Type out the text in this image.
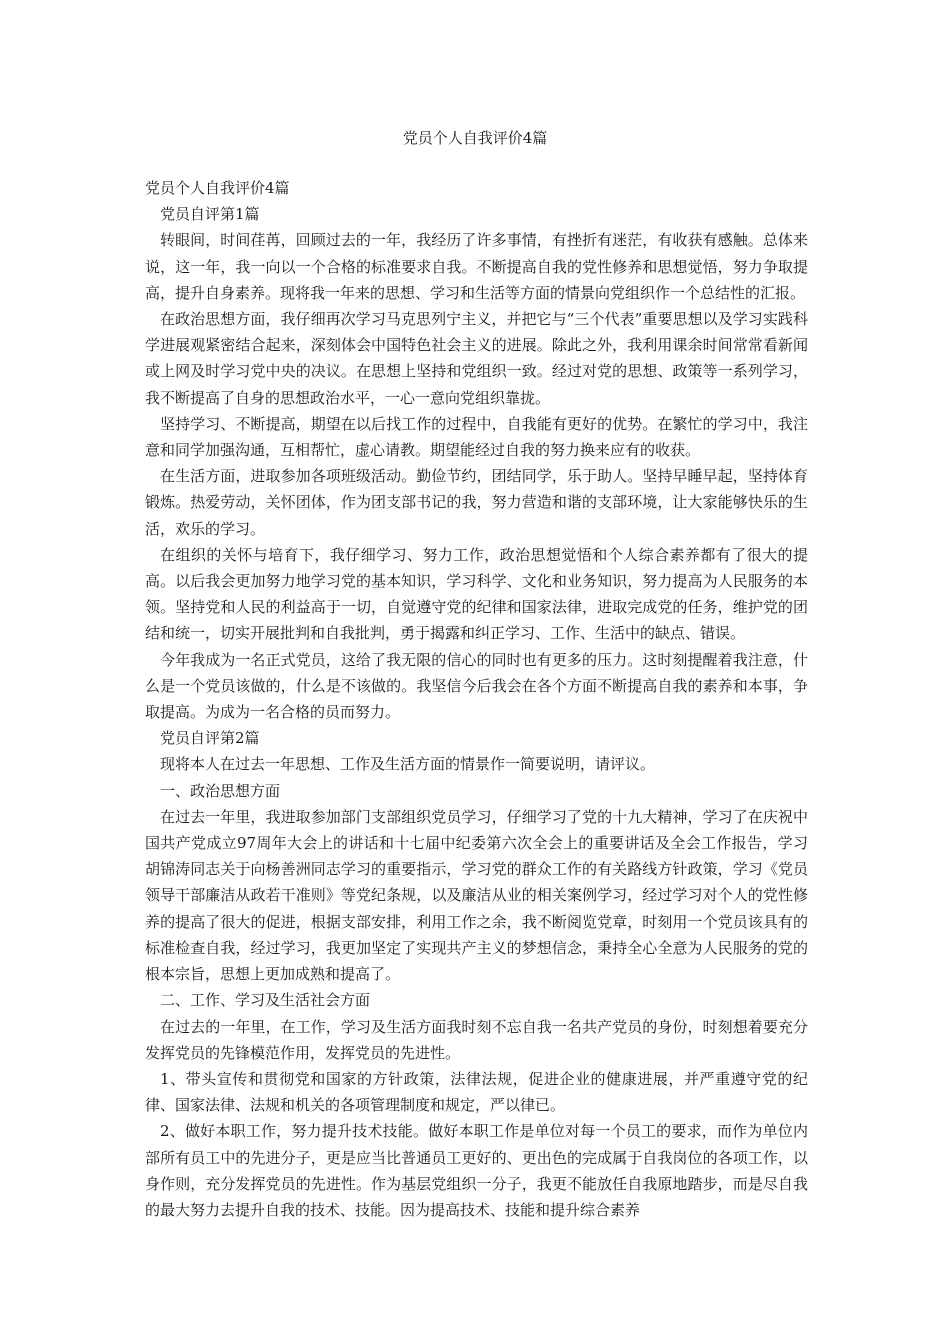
党员个人自我评价4篇

党员个人自我评价4篇

党员自评第1篇

转眼间，时间荏苒，回顾过去的一年，我经历了许多事情，有挫折有迷茫，有收获有感触。总体来说，这一年，我一向以一个合格的标准要求自我。不断提高自我的党性修养和思想觉悟，努力争取提高，提升自身素养。现将我一年来的思想、学习和生活等方面的情景向党组织作一个总结性的汇报。

在政治思想方面，我仔细再次学习马克思列宁主义，并把它与“三个代表”重要思想以及学习实践科学进展观紧密结合起来，深刻体会中国特色社会主义的进展。除此之外，我利用课余时间常常看新闻或上网及时学习党中央的决议。在思想上坚持和党组织一致。经过对党的思想、政策等一系列学习，我不断提高了自身的思想政治水平，一心一意向党组织靠拢。

坚持学习、不断提高，期望在以后找工作的过程中，自我能有更好的优势。在繁忙的学习中，我注意和同学加强沟通，互相帮忙，虚心请教。期望能经过自我的努力换来应有的收获。

在生活方面，进取参加各项班级活动。勤俭节约，团结同学，乐于助人。坚持早睡早起，坚持体育锻炼。热爱劳动，关怀团体，作为团支部书记的我，努力营造和谐的支部环境，让大家能够快乐的生活，欢乐的学习。

在组织的关怀与培育下，我仔细学习、努力工作，政治思想觉悟和个人综合素养都有了很大的提高。以后我会更加努力地学习党的基本知识，学习科学、文化和业务知识，努力提高为人民服务的本领。坚持党和人民的利益高于一切，自觉遵守党的纪律和国家法律，进取完成党的任务，维护党的团结和统一，切实开展批判和自我批判，勇于揭露和纠正学习、工作、生活中的缺点、错误。

今年我成为一名正式党员，这给了我无限的信心的同时也有更多的压力。这时刻提醒着我注意，什么是一个党员该做的，什么是不该做的。我坚信今后我会在各个方面不断提高自我的素养和本事，争取提高。为成为一名合格的员而努力。

党员自评第2篇

现将本人在过去一年思想、工作及生活方面的情景作一简要说明，请评议。

一、政治思想方面

在过去一年里，我进取参加部门支部组织党员学习，仔细学习了党的十九大精神，学习了在庆祝中国共产党成立97周年大会上的讲话和十七届中纪委第六次全会上的重要讲话及全会工作报告，学习胡锦涛同志关于向杨善洲同志学习的重要指示，学习党的群众工作的有关路线方针政策，学习《党员领导干部廉洁从政若干准则》等党纪条规，以及廉洁从业的相关案例学习，经过学习对个人的党性修养的提高了很大的促进，根据支部安排，利用工作之余，我不断阅览党章，时刻用一个党员该具有的标准检查自我，经过学习，我更加坚定了实现共产主义的梦想信念，秉持全心全意为人民服务的党的根本宗旨，思想上更加成熟和提高了。

二、工作、学习及生活社会方面

在过去的一年里，在工作，学习及生活方面我时刻不忘自我一名共产党员的身份，时刻想着要充分发挥党员的先锋模范作用，发挥党员的先进性。

1、带头宣传和贯彻党和国家的方针政策，法律法规，促进企业的健康进展，并严重遵守党的纪律、国家法律、法规和机关的各项管理制度和规定，严以律已。

2、做好本职工作，努力提升技术技能。做好本职工作是单位对每一个员工的要求，而作为单位内部所有员工中的先进分子，更是应当比普通员工更好的、更出色的完成属于自我岗位的各项工作，以身作则，充分发挥党员的先进性。作为基层党组织一分子，我更不能放任自我原地踏步，而是尽自我的最大努力去提升自我的技术、技能。因为提高技术、技能和提升综合素养
